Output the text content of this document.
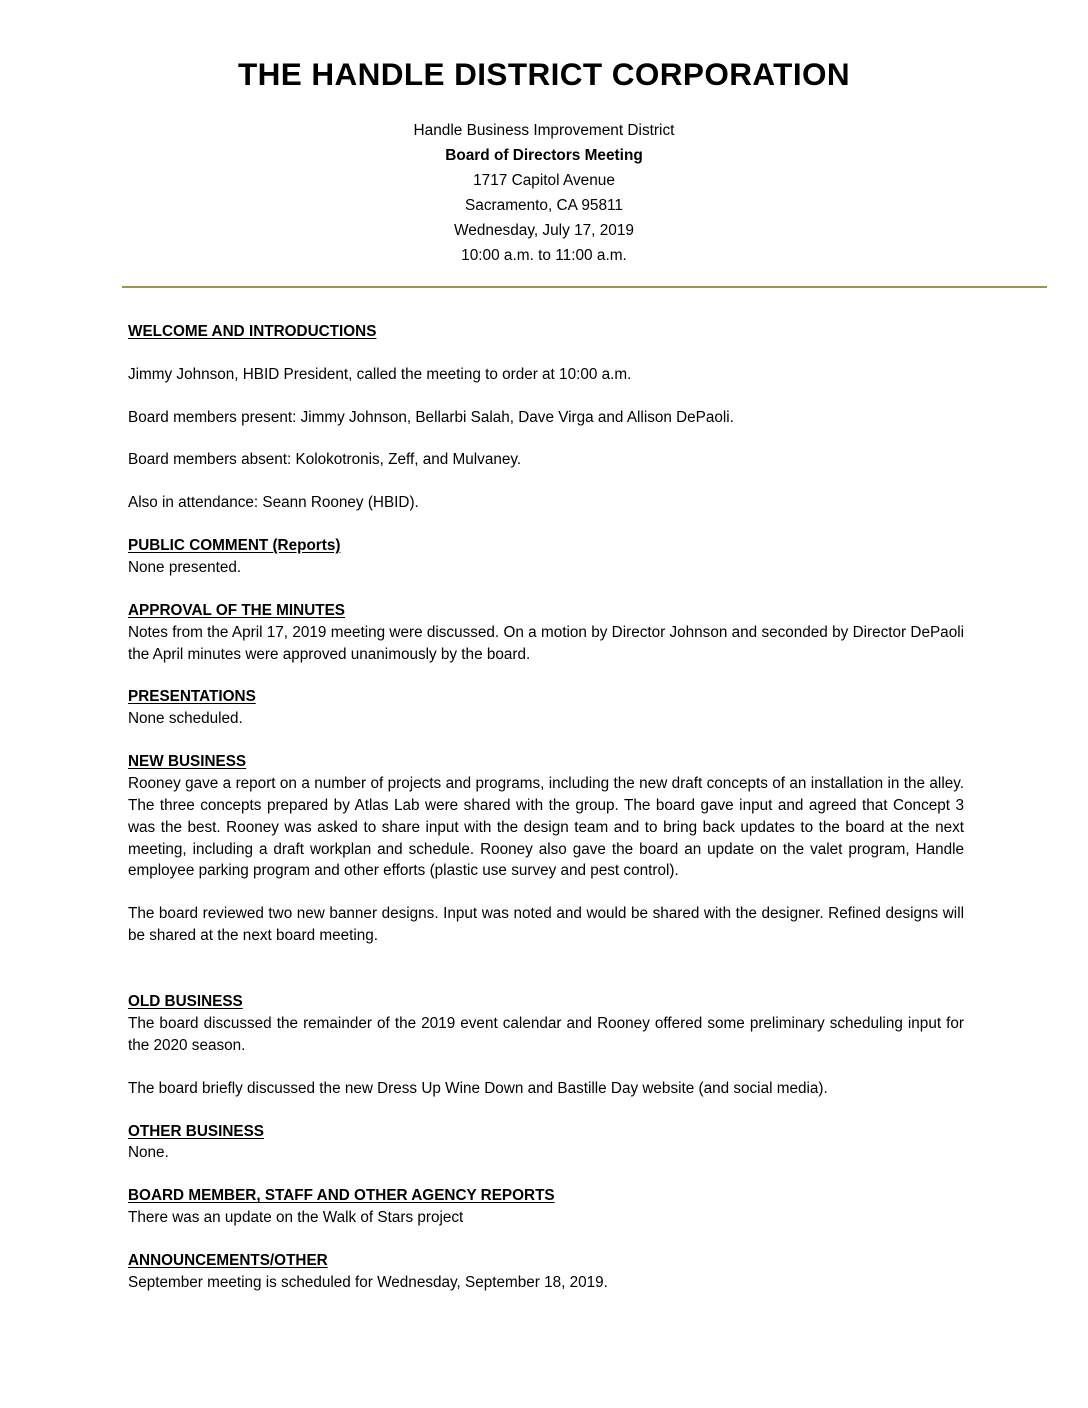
THE HANDLE DISTRICT CORPORATION
Handle Business Improvement District
Board of Directors Meeting
1717 Capitol Avenue
Sacramento, CA 95811
Wednesday, July 17, 2019
10:00 a.m. to 11:00 a.m.
WELCOME AND INTRODUCTIONS

Jimmy Johnson, HBID President, called the meeting to order at 10:00 a.m.

Board members present: Jimmy Johnson, Bellarbi Salah, Dave Virga and Allison DePaoli.

Board members absent: Kolokotronis, Zeff, and Mulvaney.

Also in attendance: Seann Rooney (HBID).

PUBLIC COMMENT (Reports)

None presented.

APPROVAL OF THE MINUTES

Notes from the April 17, 2019 meeting were discussed. On a motion by Director Johnson and seconded by Director DePaoli the April minutes were approved unanimously by the board.

PRESENTATIONS

None scheduled.

NEW BUSINESS

Rooney gave a report on a number of projects and programs, including the new draft concepts of an installation in the alley. The three concepts prepared by Atlas Lab were shared with the group. The board gave input and agreed that Concept 3 was the best. Rooney was asked to share input with the design team and to bring back updates to the board at the next meeting, including a draft workplan and schedule. Rooney also gave the board an update on the valet program, Handle employee parking program and other efforts (plastic use survey and pest control).

The board reviewed two new banner designs. Input was noted and would be shared with the designer. Refined designs will be shared at the next board meeting.

OLD BUSINESS

The board discussed the remainder of the 2019 event calendar and Rooney offered some preliminary scheduling input for the 2020 season.

The board briefly discussed the new Dress Up Wine Down and Bastille Day website (and social media).

OTHER BUSINESS

None.

BOARD MEMBER, STAFF AND OTHER AGENCY REPORTS

There was an update on the Walk of Stars project

ANNOUNCEMENTS/OTHER

September meeting is scheduled for Wednesday, September 18, 2019.
